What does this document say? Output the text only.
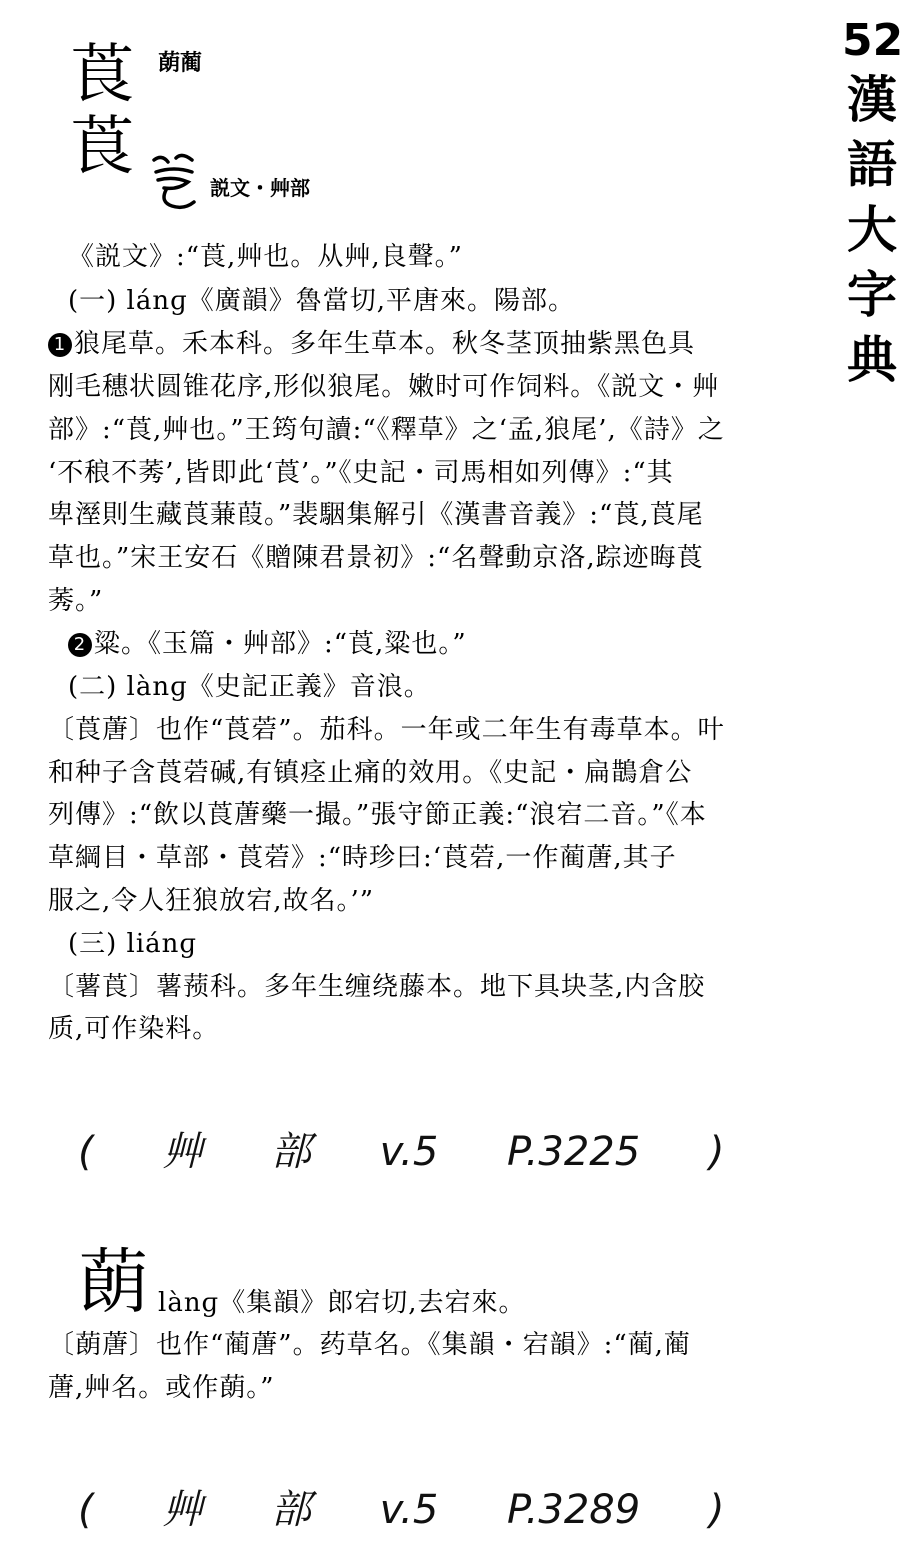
52
漢
語
大
字
典
莨 蓢蔺
莨
説文・艸部
《説文》:“莨,艸也。从艸,良聲。”
(一) lánɡ《廣韻》魯當切,平唐來。陽部。
1 狼尾草。禾本科。多年生草本。秋冬茎顶抽紫黑色具
刚毛穗状圆锥花序,形似狼尾。嫩时可作饲料。《説文・艸
部》:“莨,艸也。”王筠句讀:“《釋草》之‘孟,狼尾’,《詩》之
‘不稂不莠’,皆即此‘莨’。”《史記・司馬相如列傳》:“其
卑溼則生藏莨蒹葭。”裴駰集解引《漢書音義》:“莨,莨尾
草也。”宋王安石《贈陳君景初》:“名聲動京洛,踪迹晦莨
莠。”
2 粱。《玉篇・艸部》:“莨,粱也。”
(二) lànɡ《史記正義》音浪。
〔莨蓎〕也作“莨菪”。茄科。一年或二年生有毒草本。叶
和种子含莨菪碱,有镇痉止痛的效用。《史記・扁鵲倉公
列傳》:“飲以莨蓎藥一撮。”張守節正義:“浪宕二音。”《本
草綱目・草部・莨菪》:“時珍曰:‘莨菪,一作蔺蓎,其子
服之,令人狂狼放宕,故名。’”
(三) liánɡ
〔薯莨〕薯蓣科。多年生缠绕藤本。地下具块茎,内含胶
质,可作染料。
( 艸 部 v.5 P.3225 )
蓢 lànɡ《集韻》郎宕切,去宕來。
〔蓢蓎〕也作“蔺蓎”。药草名。《集韻・宕韻》:“蔺,蔺
蓎,艸名。或作蓢。”
( 艸 部 v.5 P.3289 )
